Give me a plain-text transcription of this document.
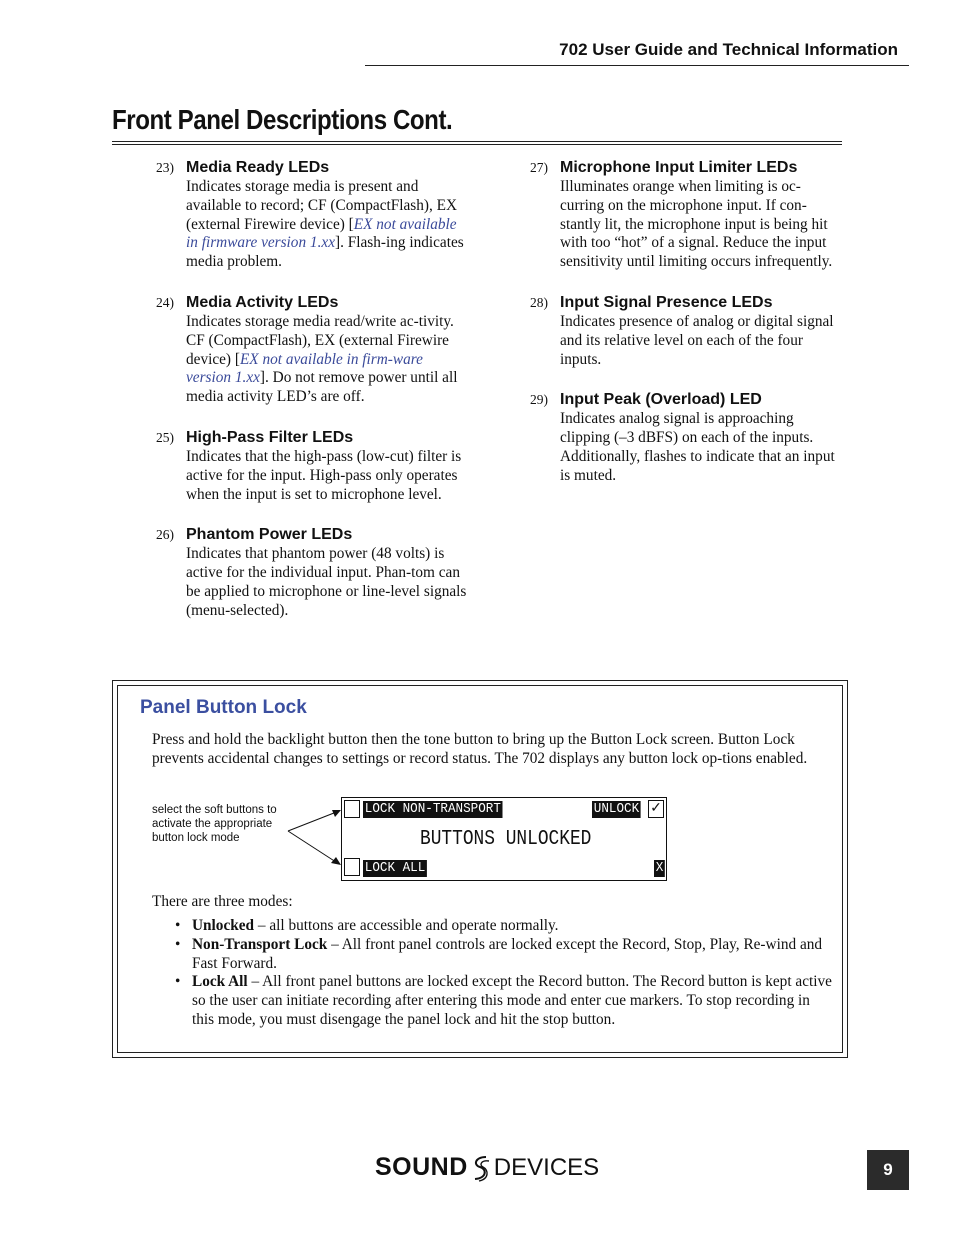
702 User Guide and Technical Information
Front Panel Descriptions Cont.
23) Media Ready LEDs
Indicates storage media is present and available to record; CF (CompactFlash), EX (external Firewire device) [EX not available in firmware version 1.xx]. Flash-ing indicates media problem.
24) Media Activity LEDs
Indicates storage media read/write ac-tivity. CF (CompactFlash), EX (external Firewire device) [EX not available in firm-ware version 1.xx]. Do not remove power until all media activity LED’s are off.
25) High-Pass Filter LEDs
Indicates that the high-pass (low-cut) filter is active for the input. High-pass only operates when the input is set to microphone level.
26) Phantom Power LEDs
Indicates that phantom power (48 volts) is active for the individual input. Phan-tom can be applied to microphone or line-level signals (menu-selected).
27) Microphone Input Limiter LEDs
Illuminates orange when limiting is oc-curring on the microphone input. If con-stantly lit, the microphone input is being hit with too “hot” of a signal. Reduce the input sensitivity until limiting occurs infrequently.
28) Input Signal Presence LEDs
Indicates presence of analog or digital signal and its relative level on each of the four inputs.
29) Input Peak (Overload) LED
Indicates analog signal is approaching clipping (–3 dBFS) on each of the inputs. Additionally, flashes to indicate that an input is muted.
Panel Button Lock
Press and hold the backlight button then the tone button to bring up the Button Lock screen. Button Lock prevents accidental changes to settings or record status. The 702 displays any button lock op-tions enabled.
select the soft buttons to activate the appropriate button lock mode
LOCK NON-TRANSPORT	UNLOCK ✓
BUTTONS UNLOCKED
LOCK ALL	X
There are three modes:
• Unlocked – all buttons are accessible and operate normally.
• Non-Transport Lock – All front panel controls are locked except the Record, Stop, Play, Re-wind and Fast Forward.
• Lock All – All front panel buttons are locked except the Record button. The Record button is kept active so the user can initiate recording after entering this mode and enter cue markers. To stop recording in this mode, you must disengage the panel lock and hit the stop button.
SOUND DEVICES	9
